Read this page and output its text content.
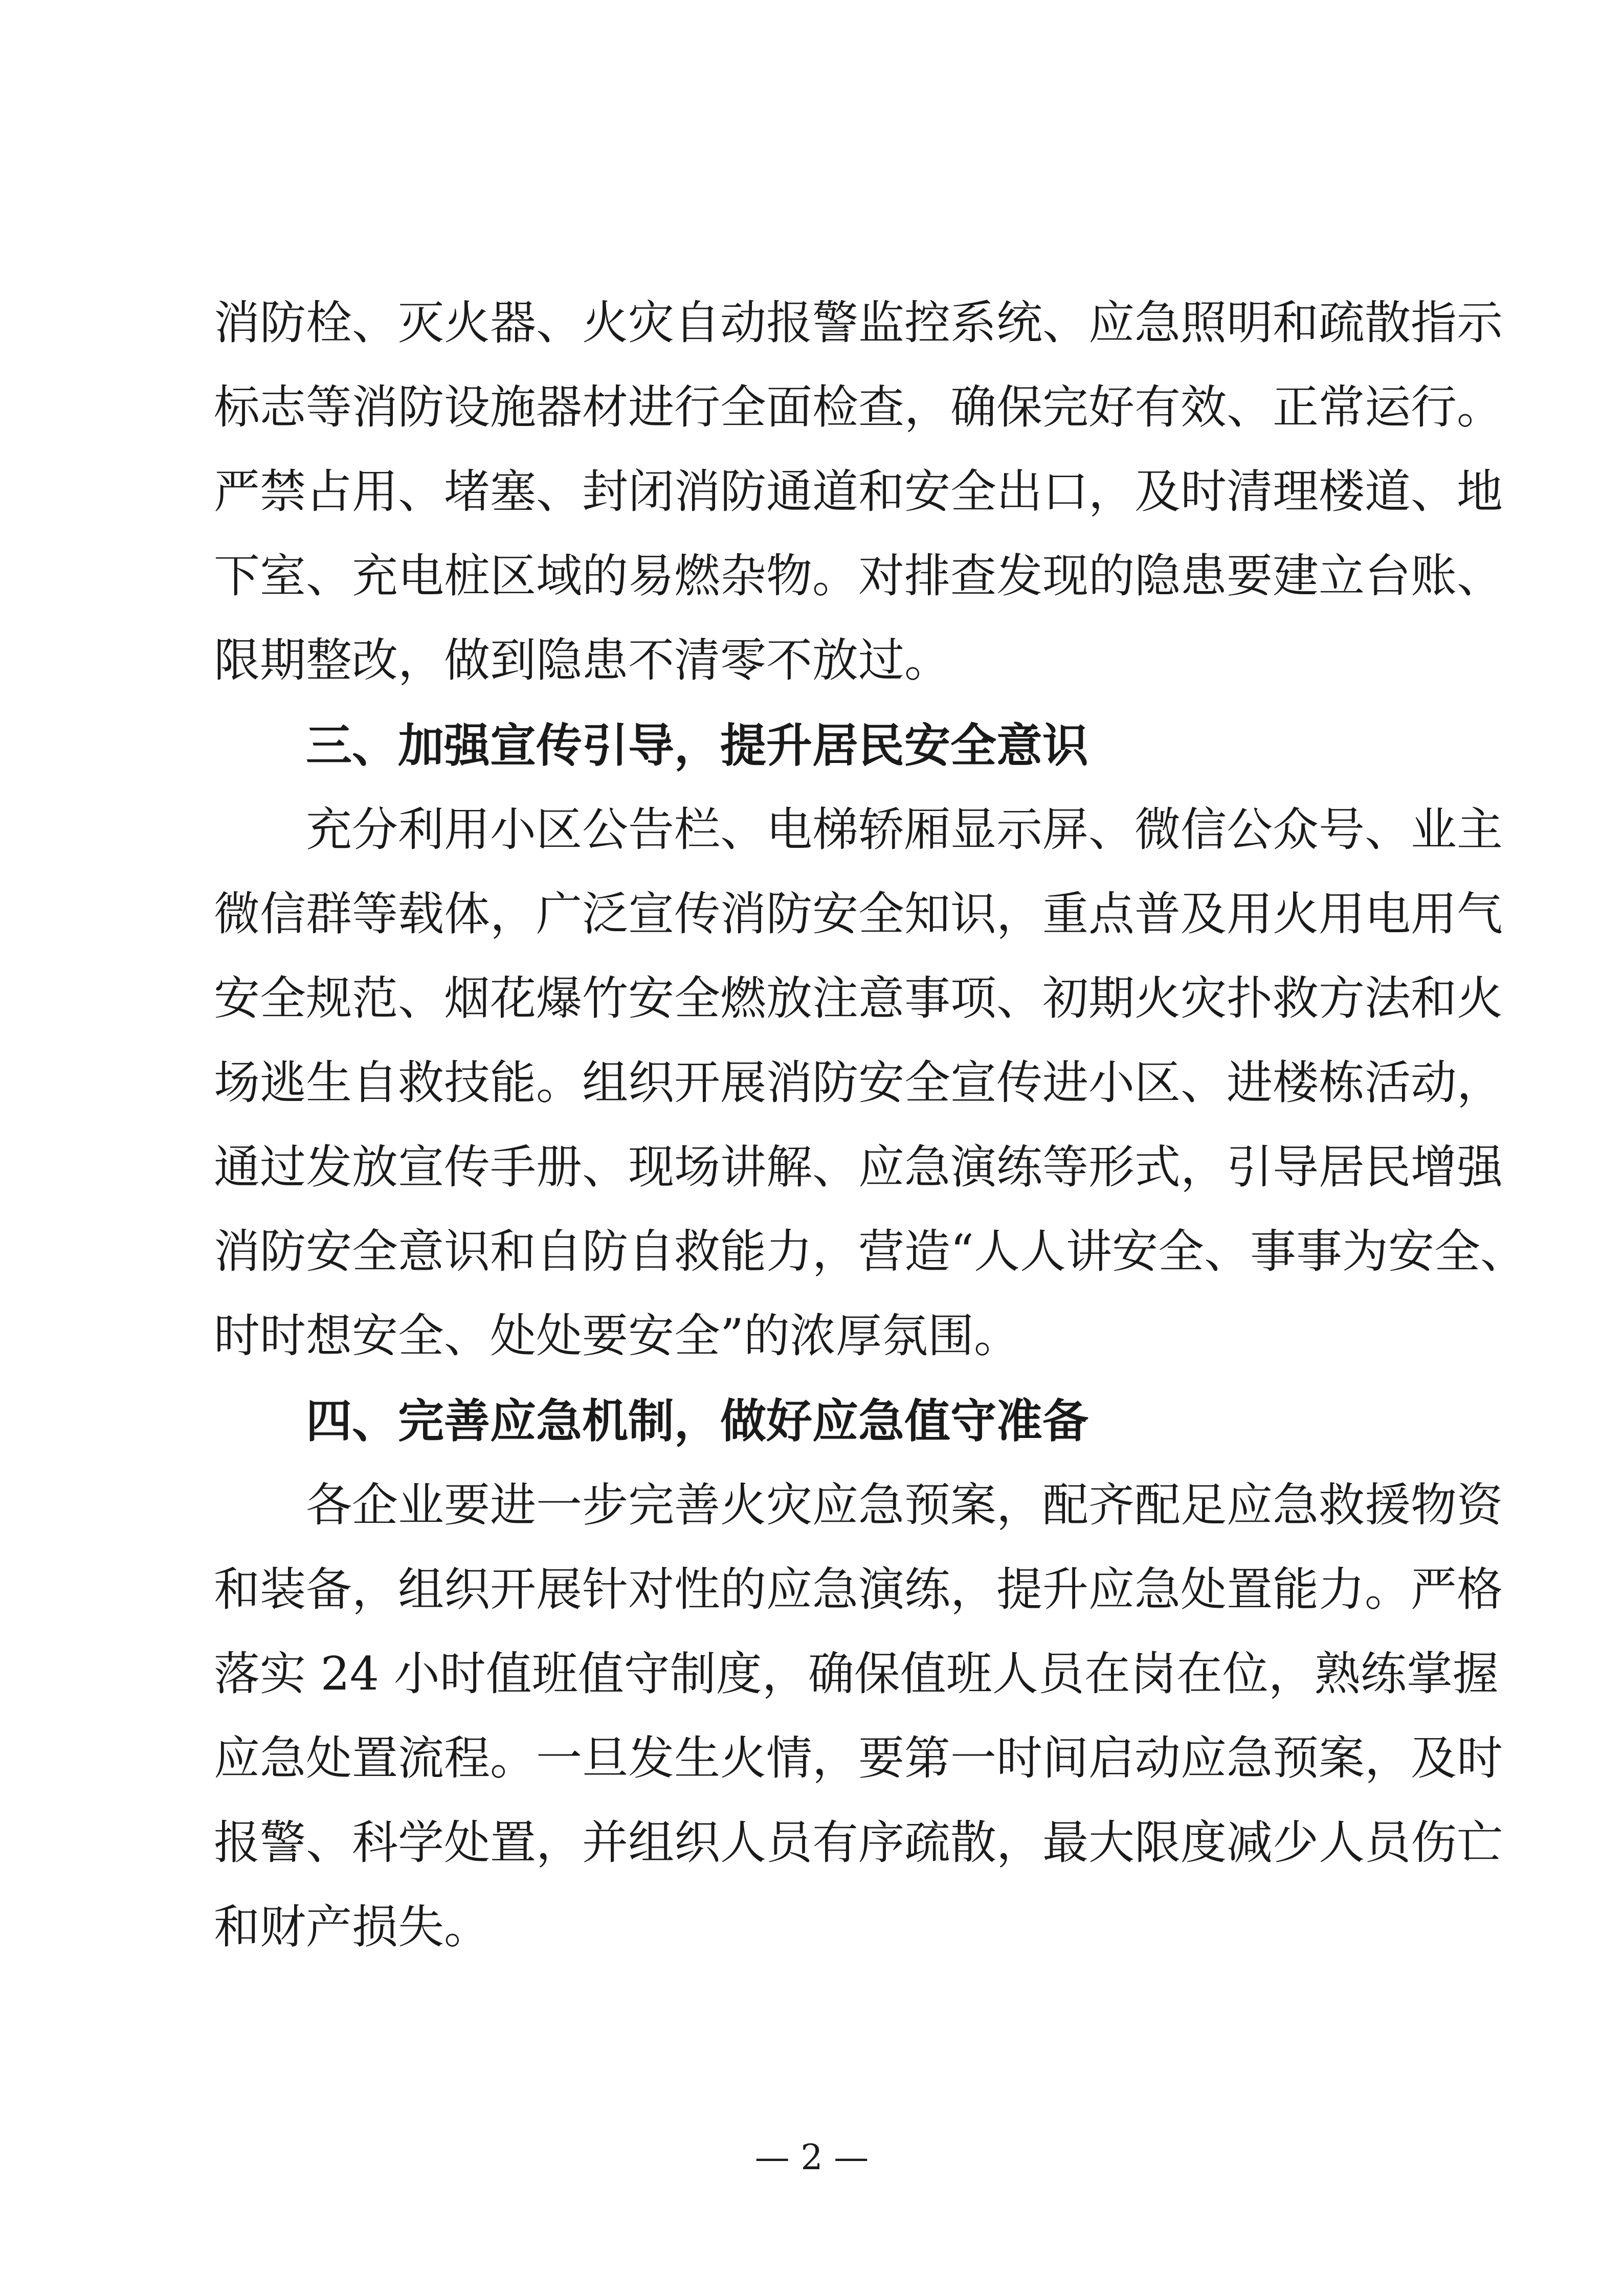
消防栓、灭火器、火灾自动报警监控系统、应急照明和疏散指示
标志等消防设施器材进行全面检查，确保完好有效、正常运行。
严禁占用、堵塞、封闭消防通道和安全出口，及时清理楼道、地
下室、充电桩区域的易燃杂物。对排查发现的隐患要建立台账、
限期整改，做到隐患不清零不放过。
三、加强宣传引导，提升居民安全意识
充分利用小区公告栏、电梯轿厢显示屏、微信公众号、业主
微信群等载体，广泛宣传消防安全知识，重点普及用火用电用气
安全规范、烟花爆竹安全燃放注意事项、初期火灾扑救方法和火
场逃生自救技能。组织开展消防安全宣传进小区、进楼栋活动，
通过发放宣传手册、现场讲解、应急演练等形式，引导居民增强
消防安全意识和自防自救能力，营造“人人讲安全、事事为安全、
时时想安全、处处要安全”的浓厚氛围。
四、完善应急机制，做好应急值守准备
各企业要进一步完善火灾应急预案，配齐配足应急救援物资
和装备，组织开展针对性的应急演练，提升应急处置能力。严格
落实 24 小时值班值守制度，确保值班人员在岗在位，熟练掌握
应急处置流程。一旦发生火情，要第一时间启动应急预案，及时
报警、科学处置，并组织人员有序疏散，最大限度减少人员伤亡
和财产损失。
— 2 —
